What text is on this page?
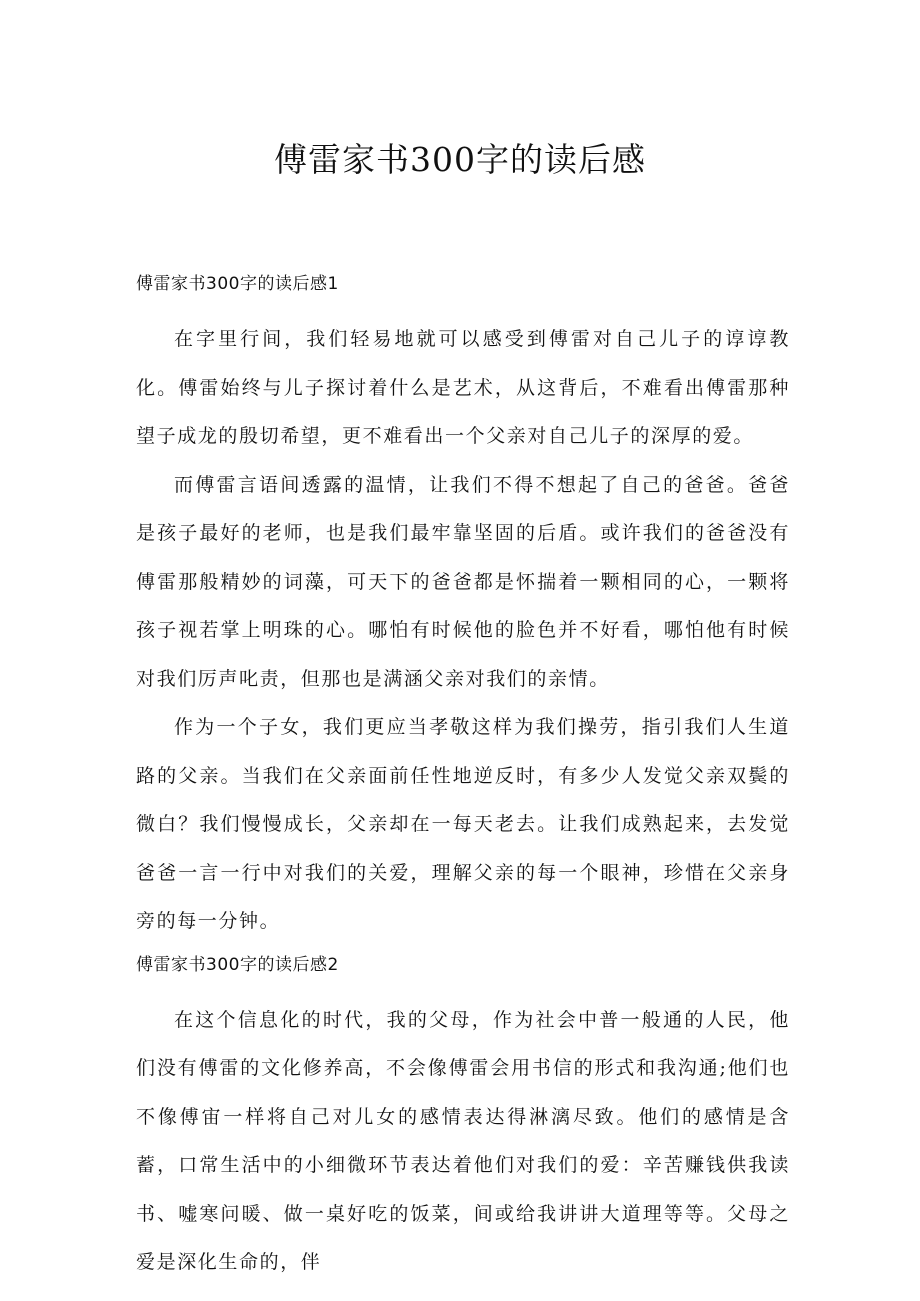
傅雷家书300字的读后感

傅雷家书300字的读后感1

在字里行间，我们轻易地就可以感受到傅雷对自己儿子的谆谆教化。傅雷始终与儿子探讨着什么是艺术，从这背后，不难看出傅雷那种望子成龙的殷切希望，更不难看出一个父亲对自己儿子的深厚的爱。

而傅雷言语间透露的温情，让我们不得不想起了自己的爸爸。爸爸是孩子最好的老师，也是我们最牢靠坚固的后盾。或许我们的爸爸没有傅雷那般精妙的词藻，可天下的爸爸都是怀揣着一颗相同的心，一颗将孩子视若掌上明珠的心。哪怕有时候他的脸色并不好看，哪怕他有时候对我们厉声叱责，但那也是满涵父亲对我们的亲情。

作为一个子女，我们更应当孝敬这样为我们操劳，指引我们人生道路的父亲。当我们在父亲面前任性地逆反时，有多少人发觉父亲双鬓的微白？我们慢慢成长，父亲却在一每天老去。让我们成熟起来，去发觉爸爸一言一行中对我们的关爱，理解父亲的每一个眼神，珍惜在父亲身旁的每一分钟。

傅雷家书300字的读后感2

在这个信息化的时代，我的父母，作为社会中普一般通的人民，他们没有傅雷的文化修养高，不会像傅雷会用书信的形式和我沟通;他们也不像傅宙一样将自己对儿女的感情表达得淋漓尽致。他们的感情是含蓄，口常生活中的小细微环节表达着他们对我们的爱：辛苦赚钱供我读书、嘘寒问暖、做一桌好吃的饭菜，间或给我讲讲大道理等等。父母之爱是深化生命的，伴
